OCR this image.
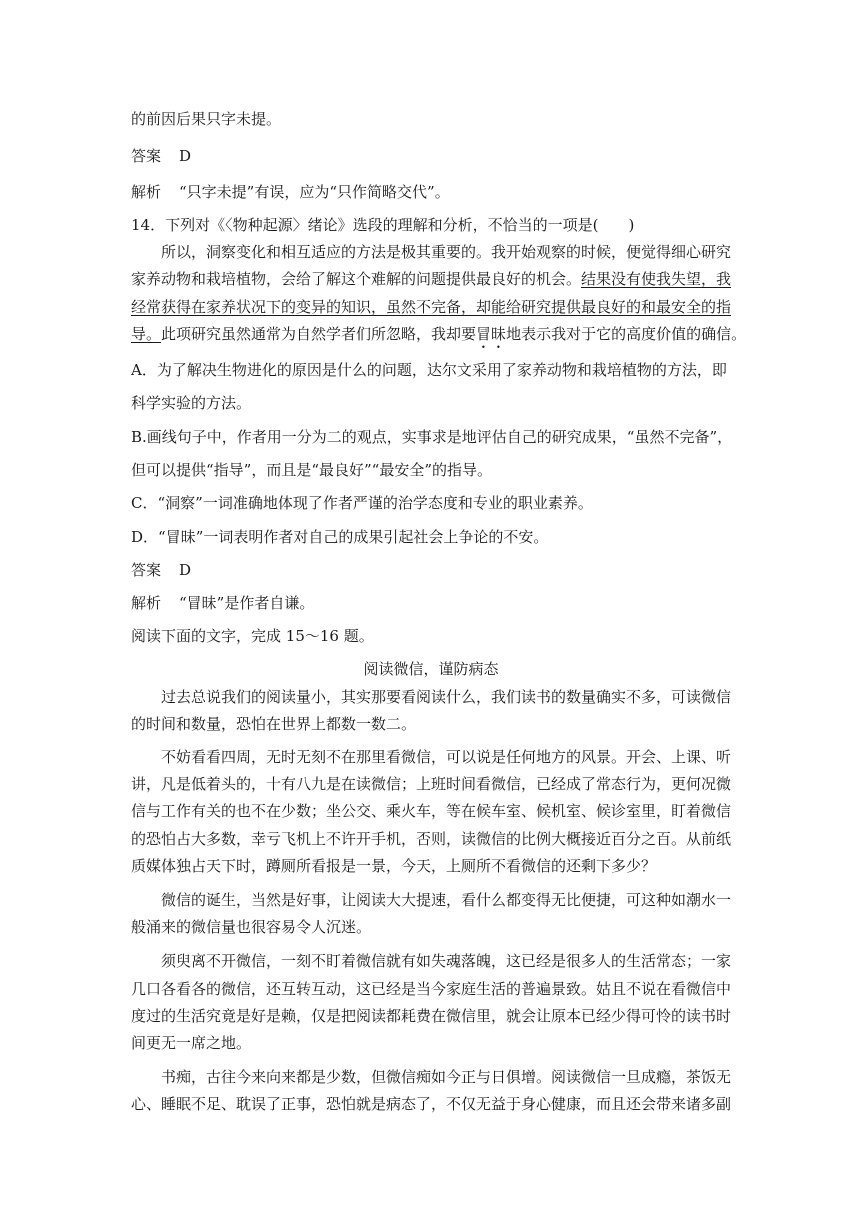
的前因后果只字未提。
答案 D
解析 “只字未提”有误，应为“只作简略交代”。
14．下列对《〈物种起源〉绪论》选段的理解和分析，不恰当的一项是(　　)
所以，洞察变化和相互适应的方法是极其重要的。我开始观察的时候，便觉得细心研究
家养动物和栽培植物，会给了解这个难解的问题提供最良好的机会。结果没有使我失望，我
经常获得在家养状况下的变异的知识，虽然不完备，却能给研究提供最良好的和最安全的指
导。此项研究虽然通常为自然学者们所忽略，我却要冒昧地表示我对于它的高度价值的确信。
A．为了解决生物进化的原因是什么的问题，达尔文采用了家养动物和栽培植物的方法，即
科学实验的方法。
B.画线句子中，作者用一分为二的观点，实事求是地评估自己的研究成果，“虽然不完备”，
但可以提供“指导”，而且是“最良好”“最安全”的指导。
C．“洞察”一词准确地体现了作者严谨的治学态度和专业的职业素养。
D．“冒昧”一词表明作者对自己的成果引起社会上争论的不安。
答案 D
解析 “冒昧”是作者自谦。
阅读下面的文字，完成 15～16 题。
阅读微信，谨防病态
过去总说我们的阅读量小，其实那要看阅读什么，我们读书的数量确实不多，可读微信
的时间和数量，恐怕在世界上都数一数二。
不妨看看四周，无时无刻不在那里看微信，可以说是任何地方的风景。开会、上课、听
讲，凡是低着头的，十有八九是在读微信；上班时间看微信，已经成了常态行为，更何况微
信与工作有关的也不在少数；坐公交、乘火车，等在候车室、候机室、候诊室里，盯着微信
的恐怕占大多数，幸亏飞机上不许开手机，否则，读微信的比例大概接近百分之百。从前纸
质媒体独占天下时，蹲厕所看报是一景，今天，上厕所不看微信的还剩下多少？
微信的诞生，当然是好事，让阅读大大提速，看什么都变得无比便捷，可这种如潮水一
般涌来的微信量也很容易令人沉迷。
须臾离不开微信，一刻不盯着微信就有如失魂落魄，这已经是很多人的生活常态；一家
几口各看各的微信，还互转互动，这已经是当今家庭生活的普遍景致。姑且不说在看微信中
度过的生活究竟是好是赖，仅是把阅读都耗费在微信里，就会让原本已经少得可怜的读书时
间更无一席之地。
书痴，古往今来向来都是少数，但微信痴如今正与日俱增。阅读微信一旦成瘾，茶饭无
心、睡眠不足、耽误了正事，恐怕就是病态了，不仅无益于身心健康，而且还会带来诸多副
